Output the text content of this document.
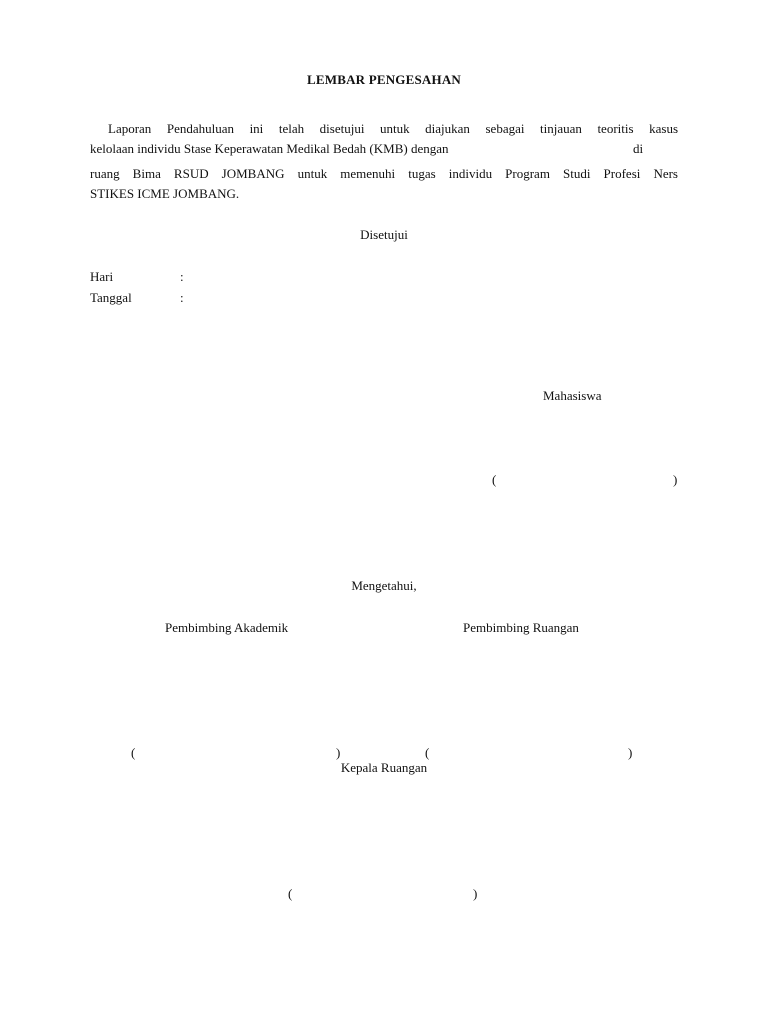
LEMBAR PENGESAHAN
Laporan Pendahuluan ini telah disetujui untuk diajukan sebagai tinjauan teoritis kasus
kelolaan individu Stase Keperawatan Medikal Bedah (KMB) dengan	di
ruang Bima RSUD JOMBANG untuk memenuhi tugas individu Program Studi Profesi Ners
STIKES ICME JOMBANG.
Disetujui
Hari	:
Tanggal	:
Mahasiswa
(	)
Mengetahui,
Pembimbing Akademik	Pembimbing Ruangan
(	)	(	)
Kepala Ruangan
(	)
